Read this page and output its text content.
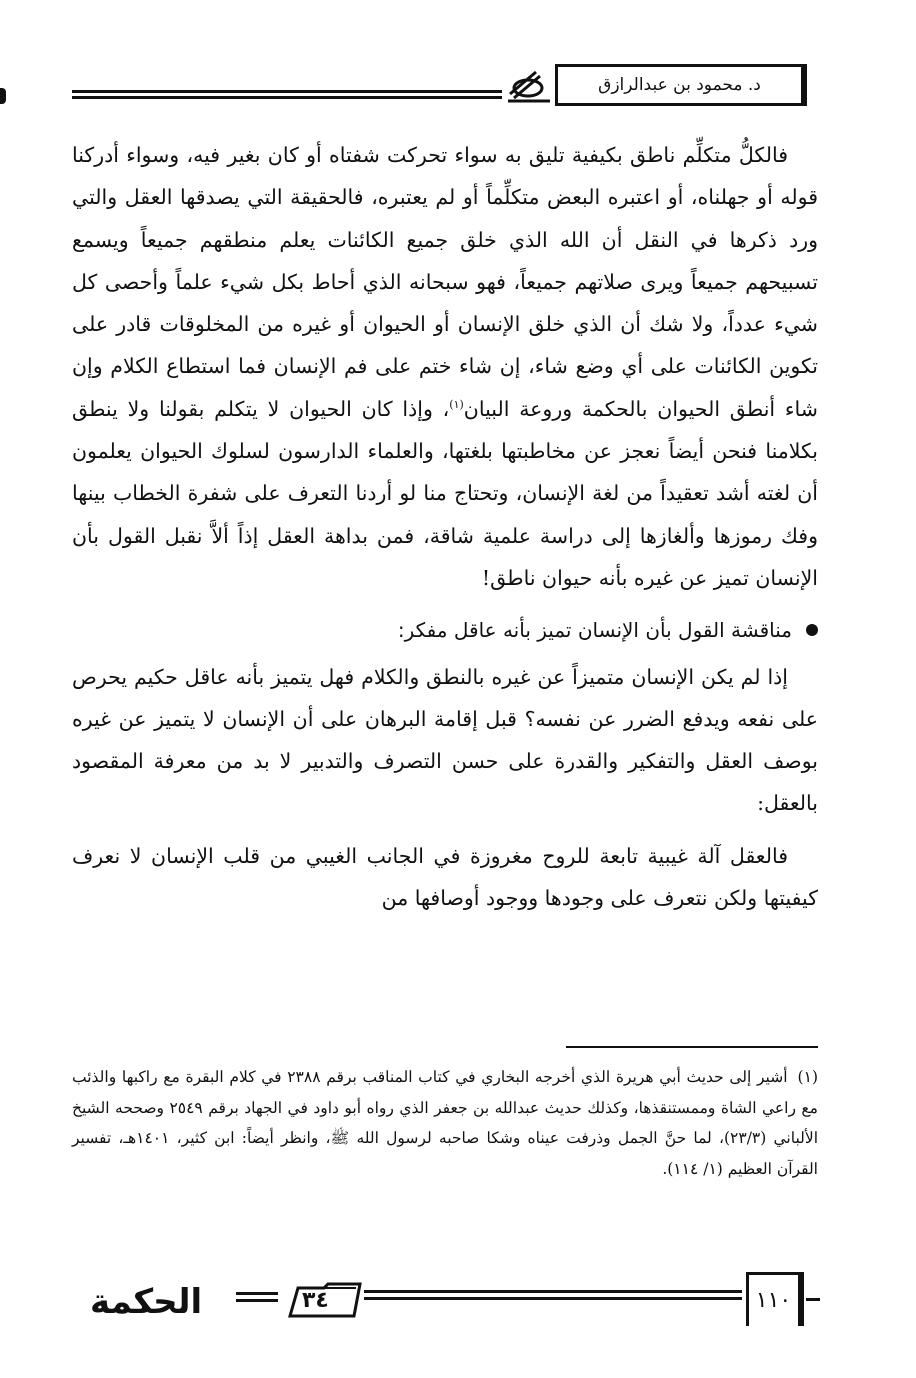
د. محمود بن عبدالرازق

فالكلُّ متكلِّم ناطق بكيفية تليق به سواء تحركت شفتاه أو كان بغير فيه، وسواء أدركنا قوله أو جهلناه، أو اعتبره البعض متكلِّماً أو لم يعتبره، فالحقيقة التي يصدقها العقل والتي ورد ذكرها في النقل أن الله الذي خلق جميع الكائنات يعلم منطقهم جميعاً ويسمع تسبيحهم جميعاً ويرى صلاتهم جميعاً، فهو سبحانه الذي أحاط بكل شيء علماً وأحصى كل شيء عدداً، ولا شك أن الذي خلق الإنسان أو الحيوان أو غيره من المخلوقات قادر على تكوين الكائنات على أي وضع شاء، إن شاء ختم على فم الإنسان فما استطاع الكلام وإن شاء أنطق الحيوان بالحكمة وروعة البيان$^{(١)}$، وإذا كان الحيوان لا يتكلم بقولنا ولا ينطق بكلامنا فنحن أيضاً نعجز عن مخاطبتها بلغتها، والعلماء الدارسون لسلوك الحيوان يعلمون أن لغته أشد تعقيداً من لغة الإنسان، وتحتاج منا لو أردنا التعرف على شفرة الخطاب بينها وفك رموزها وألغازها إلى دراسة علمية شاقة، فمن بداهة العقل إذاً ألاَّ نقبل القول بأن الإنسان تميز عن غيره بأنه حيوان ناطق!

مناقشة القول بأن الإنسان تميز بأنه عاقل مفكر:

إذا لم يكن الإنسان متميزاً عن غيره بالنطق والكلام فهل يتميز بأنه عاقل حكيم يحرص على نفعه ويدفع الضرر عن نفسه؟ قبل إقامة البرهان على أن الإنسان لا يتميز عن غيره بوصف العقل والتفكير والقدرة على حسن التصرف والتدبير لا بد من معرفة المقصود بالعقل:

فالعقل آلة غيبية تابعة للروح مغروزة في الجانب الغيبي من قلب الإنسان لا نعرف كيفيتها ولكن نتعرف على وجودها ووجود أوصافها من

(١)أشير إلى حديث أبي هريرة الذي أخرجه البخاري في كتاب المناقب برقم ٢٣٨٨ في كلام البقرة مع راكبها والذئب مع راعي الشاة وممستنقذها، وكذلك حديث عبدالله بن جعفر الذي رواه أبو داود في الجهاد برقم ٢٥٤٩ وصححه الشيخ الألباني (٢٣/٣)، لما حنَّ الجمل وذرفت عيناه وشكا صاحبه لرسول الله ﷺ، وانظر أيضاً: ابن كثير، ١٤٠١هـ، تفسير القرآن العظيم (١/ ١١٤).
الحكمة	٣٤	١١٠
